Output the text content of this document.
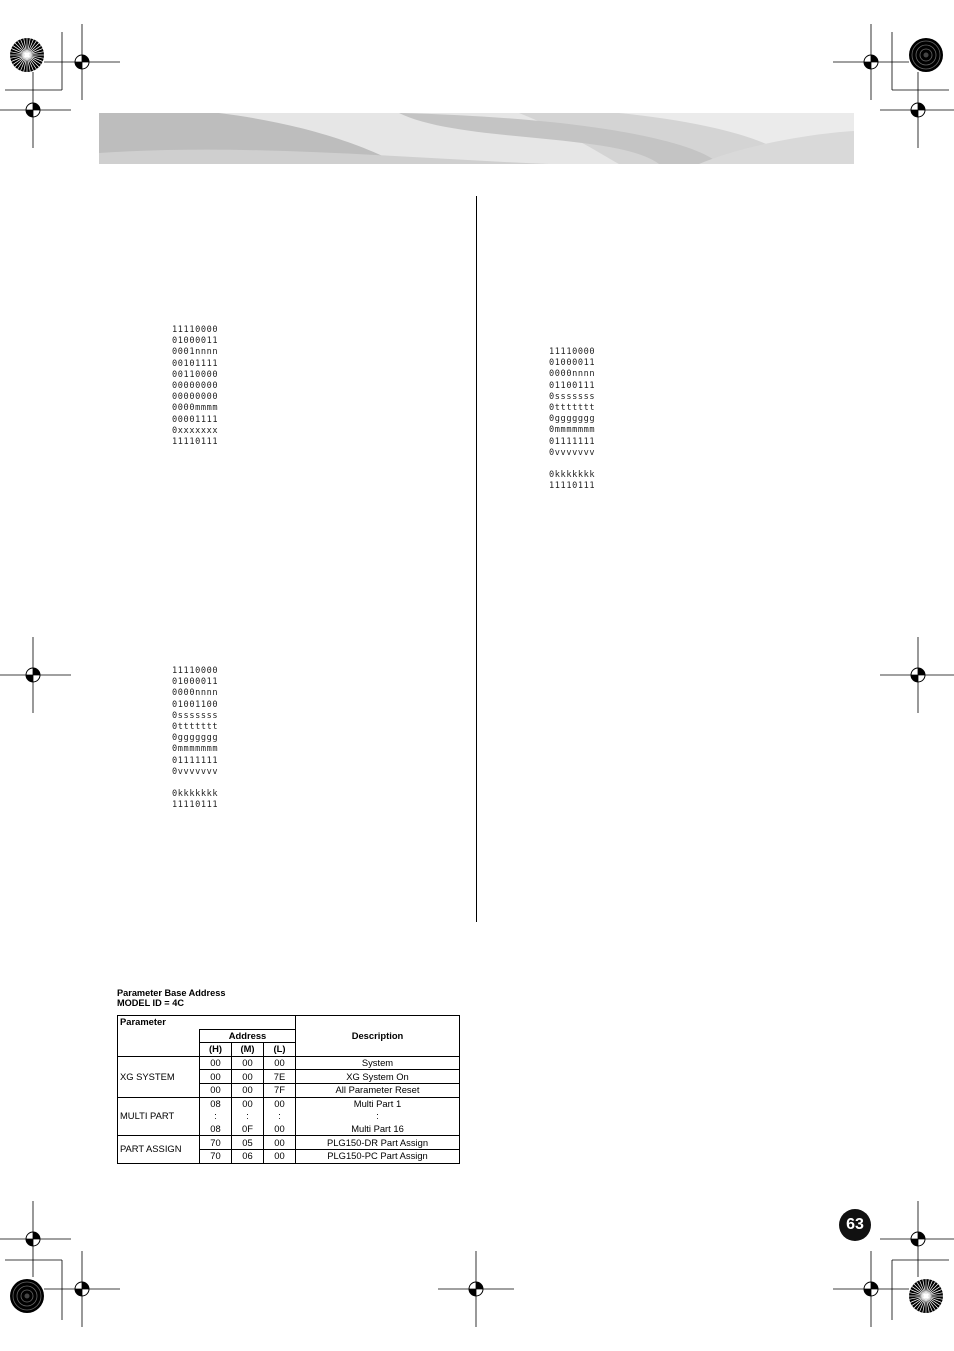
11110000
01000011
0001nnnn
00101111
00110000
00000000
00000000
0000mmmm
00001111
0xxxxxxx
11110111
11110000
01000011
0000nnnn
01001100
0sssssss
0ttttttt
0ggggggg
0mmmmmmm
01111111
0vvvvvvv
0kkkkkkk
11110111
11110000
01000011
0000nnnn
01100111
0sssssss
0ttttttt
0ggggggg
0mmmmmmm
01111111
0vvvvvvv
0kkkkkkk
11110111
Parameter Base Address
MODEL ID = 4C
Parameter				Description
	Address			
	(H)	(M)	(L)	
XG SYSTEM	00	00	00	System
	00	00	7E	XG System On
	00	00	7F	All Parameter Reset
MULTI PART	08	00	00	Multi Part 1
	:	:	:	:
	08	0F	00	Multi Part 16
PART ASSIGN	70	05	00	PLG150-DR Part Assign
	70	06	00	PLG150-PC Part Assign
63
